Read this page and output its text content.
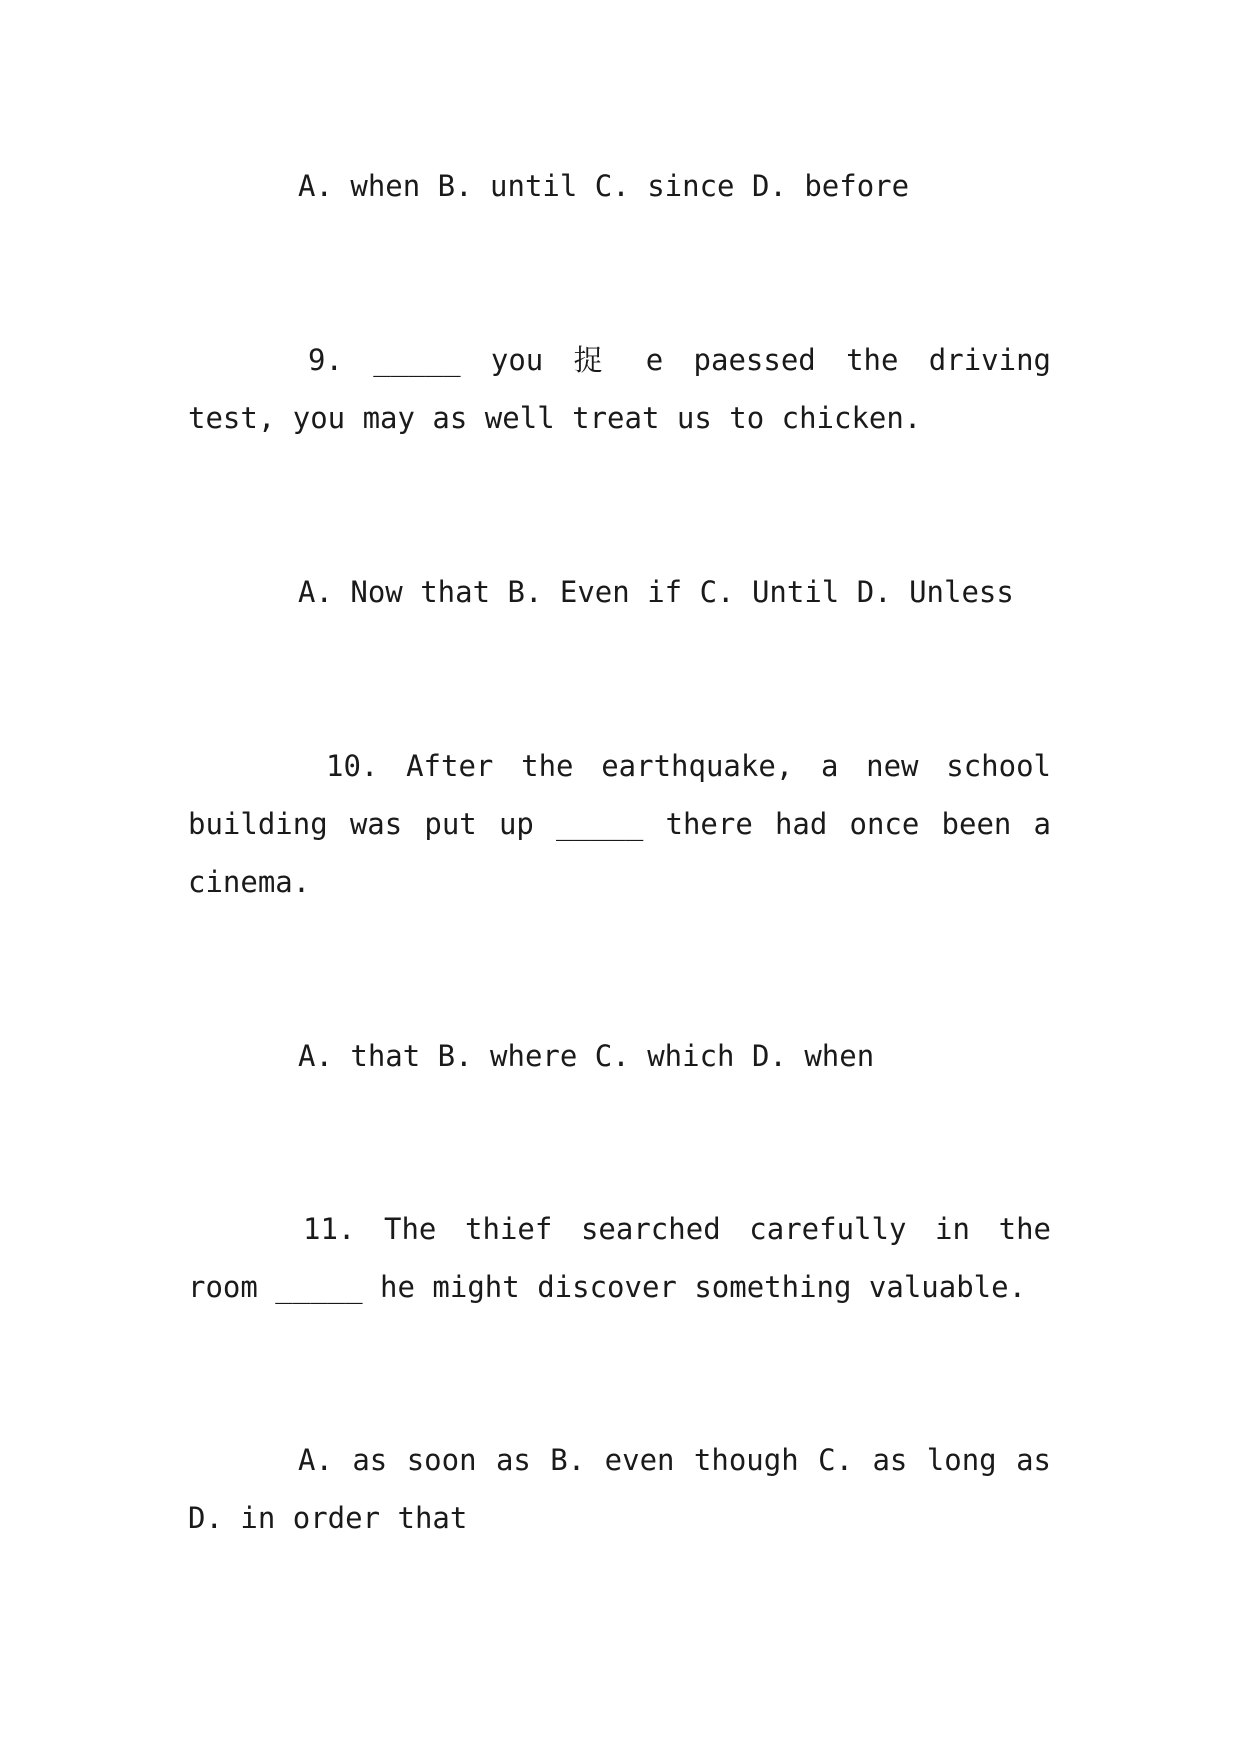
A. when B. until C. since D. before

9. _____ you 捉 e paessed the driving test, you may as well treat us to chicken.

A. Now that B. Even if C. Until D. Unless

10. After the earthquake, a new school building was put up _____ there had once been a cinema.

A. that B. where C. which D. when

11. The thief searched carefully in the room _____ he might discover something valuable.

A. as soon as B. even though C. as long as D. in order that
